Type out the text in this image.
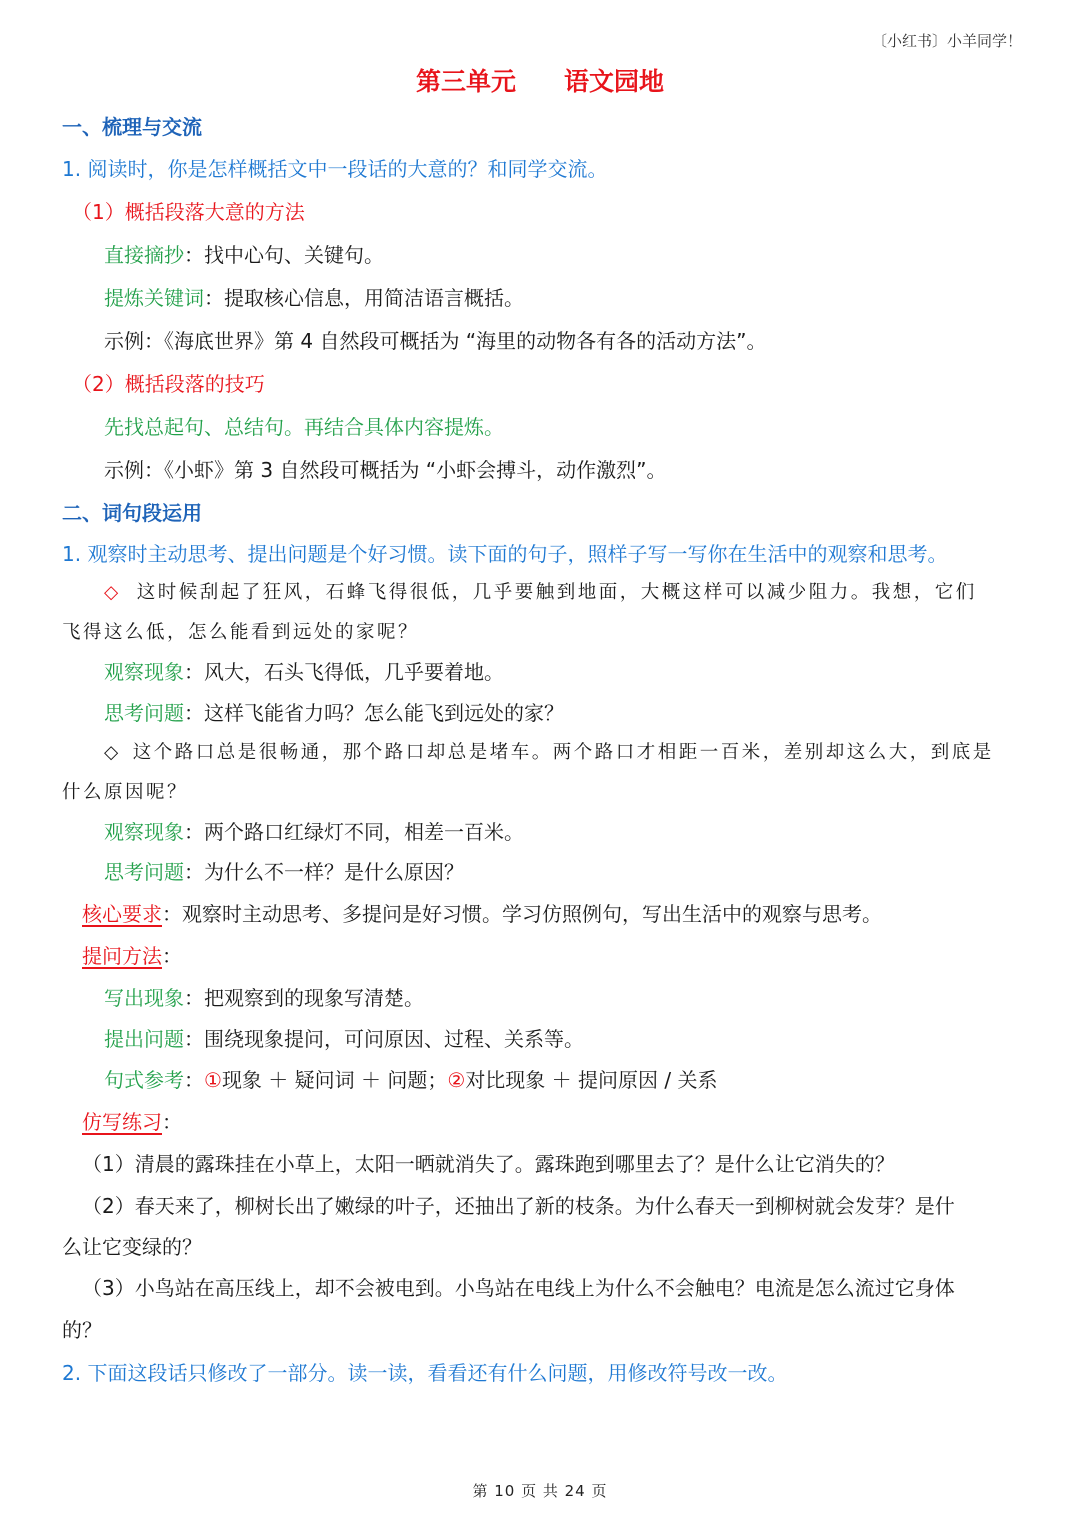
〔小红书〕小羊同学！
第三单元 语文园地
一、梳理与交流
1. 阅读时，你是怎样概括文中一段话的大意的？和同学交流。
（1）概括段落大意的方法
直接摘抄：找中心句、关键句。
提炼关键词：提取核心信息，用简洁语言概括。
示例：《海底世界》第 4 自然段可概括为 “海里的动物各有各的活动方法”。
（2）概括段落的技巧
先找总起句、总结句。再结合具体内容提炼。
示例：《小虾》第 3 自然段可概括为 “小虾会搏斗，动作激烈”。
二、词句段运用
1. 观察时主动思考、提出问题是个好习惯。读下面的句子，照样子写一写你在生活中的观察和思考。
◇ 这时候刮起了狂风，石蜂飞得很低，几乎要触到地面，大概这样可以减少阻力。我想，它们
飞得这么低，怎么能看到远处的家呢？
观察现象：风大，石头飞得低，几乎要着地。
思考问题：这样飞能省力吗？怎么能飞到远处的家？
◇ 这个路口总是很畅通，那个路口却总是堵车。两个路口才相距一百米，差别却这么大，到底是
什么原因呢？
观察现象：两个路口红绿灯不同，相差一百米。
思考问题：为什么不一样？是什么原因？
核心要求：观察时主动思考、多提问是好习惯。学习仿照例句，写出生活中的观察与思考。
提问方法：
写出现象：把观察到的现象写清楚。
提出问题：围绕现象提问，可问原因、过程、关系等。
句式参考：①现象 ＋ 疑问词 ＋ 问题；②对比现象 ＋ 提问原因 / 关系
仿写练习：
（1）清晨的露珠挂在小草上，太阳一晒就消失了。露珠跑到哪里去了？是什么让它消失的？
（2）春天来了，柳树长出了嫩绿的叶子，还抽出了新的枝条。为什么春天一到柳树就会发芽？是什
么让它变绿的？
（3）小鸟站在高压线上，却不会被电到。小鸟站在电线上为什么不会触电？电流是怎么流过它身体
的？
2. 下面这段话只修改了一部分。读一读，看看还有什么问题，用修改符号改一改。
第 10 页 共 24 页
